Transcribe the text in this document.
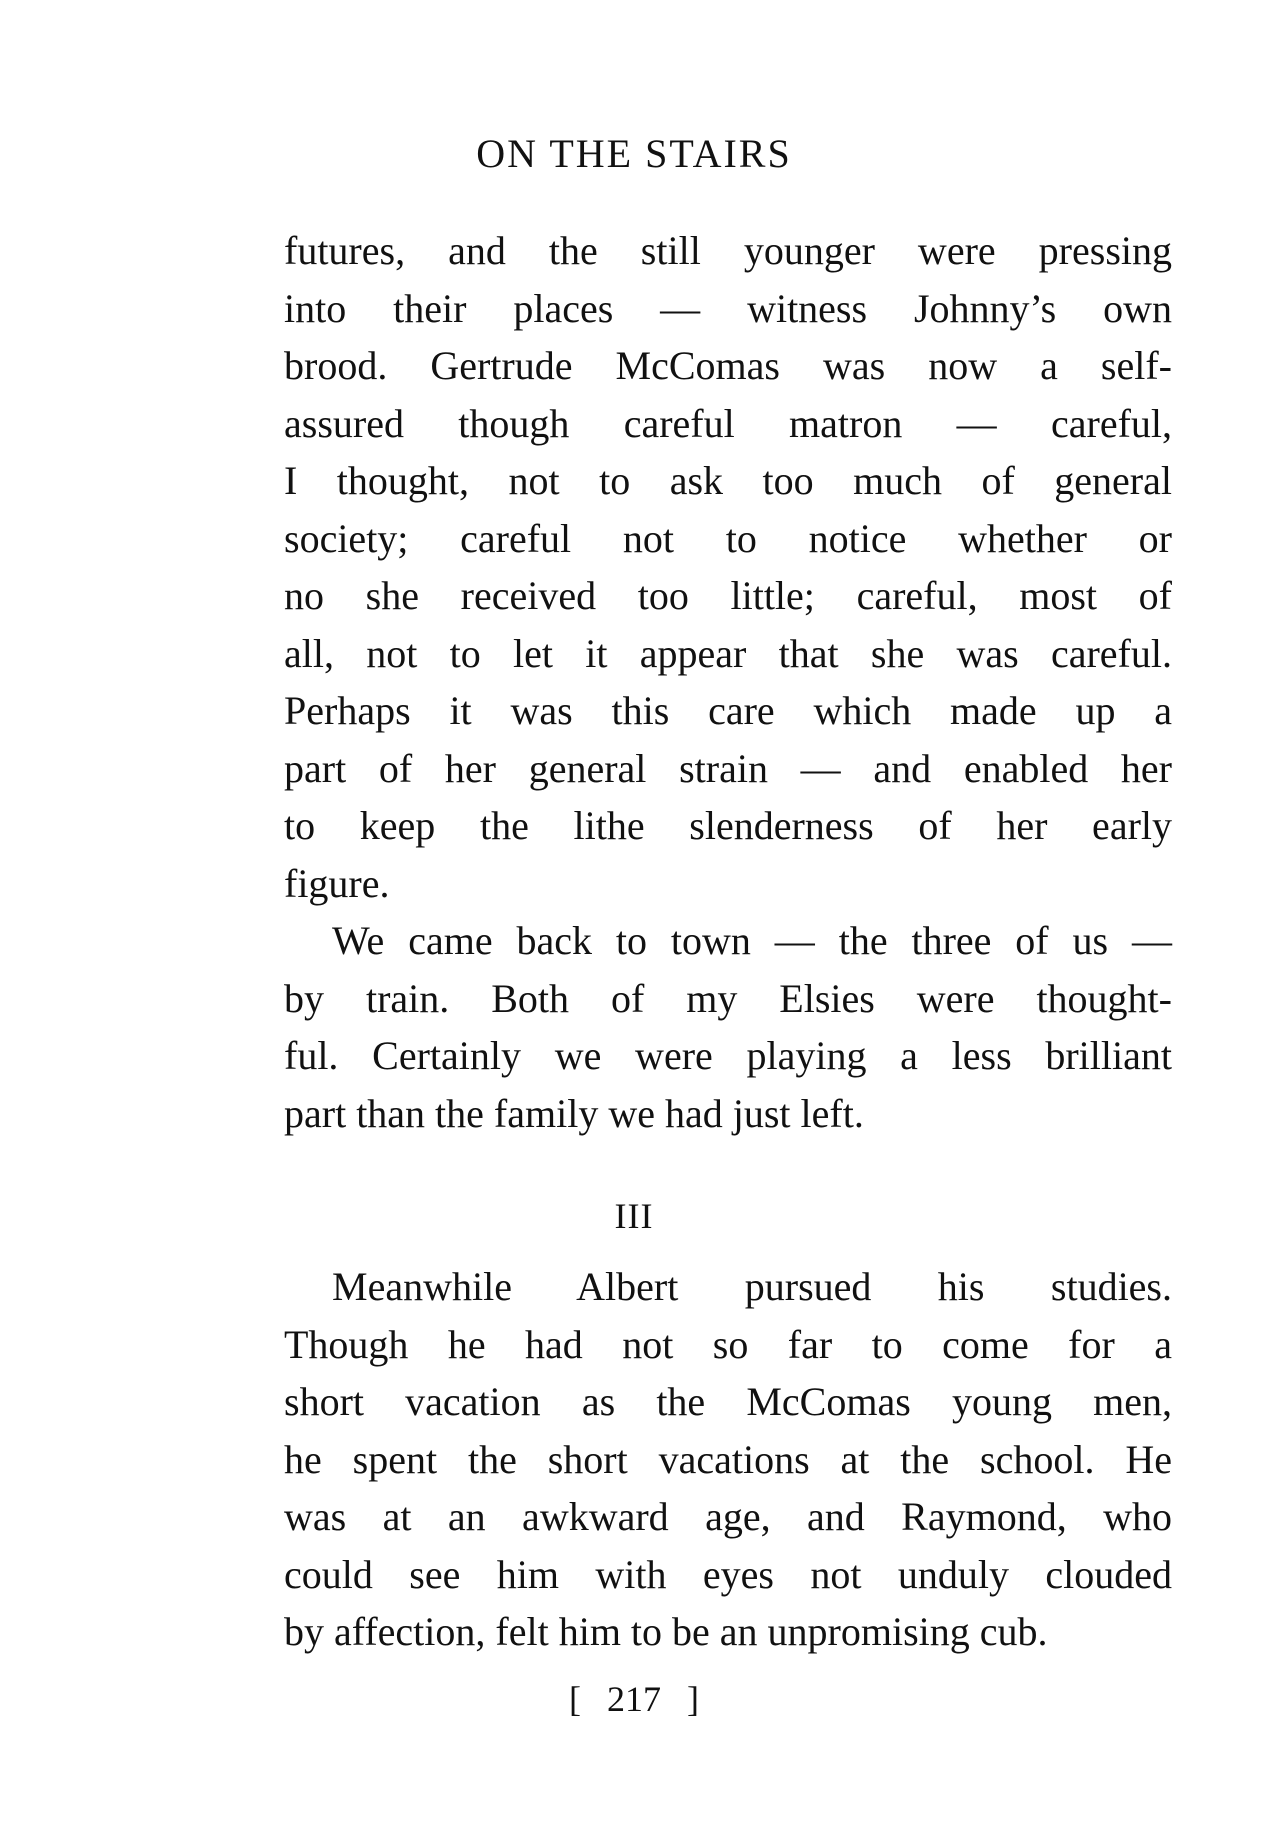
ON THE STAIRS
futures, and the still younger were pressing
into their places — witness Johnny’s own
brood. Gertrude McComas was now a self-
assured though careful matron — careful,
I thought, not to ask too much of general
society; careful not to notice whether or
no she received too little; careful, most of
all, not to let it appear that she was careful.
Perhaps it was this care which made up a
part of her general strain — and enabled her
to keep the lithe slenderness of her early
figure.
We came back to town — the three of us —
by train. Both of my Elsies were thought-
ful. Certainly we were playing a less brilliant
part than the family we had just left.
III
Meanwhile Albert pursued his studies.
Though he had not so far to come for a
short vacation as the McComas young men,
he spent the short vacations at the school. He
was at an awkward age, and Raymond, who
could see him with eyes not unduly clouded
by affection, felt him to be an unpromising cub.
[ 217 ]
